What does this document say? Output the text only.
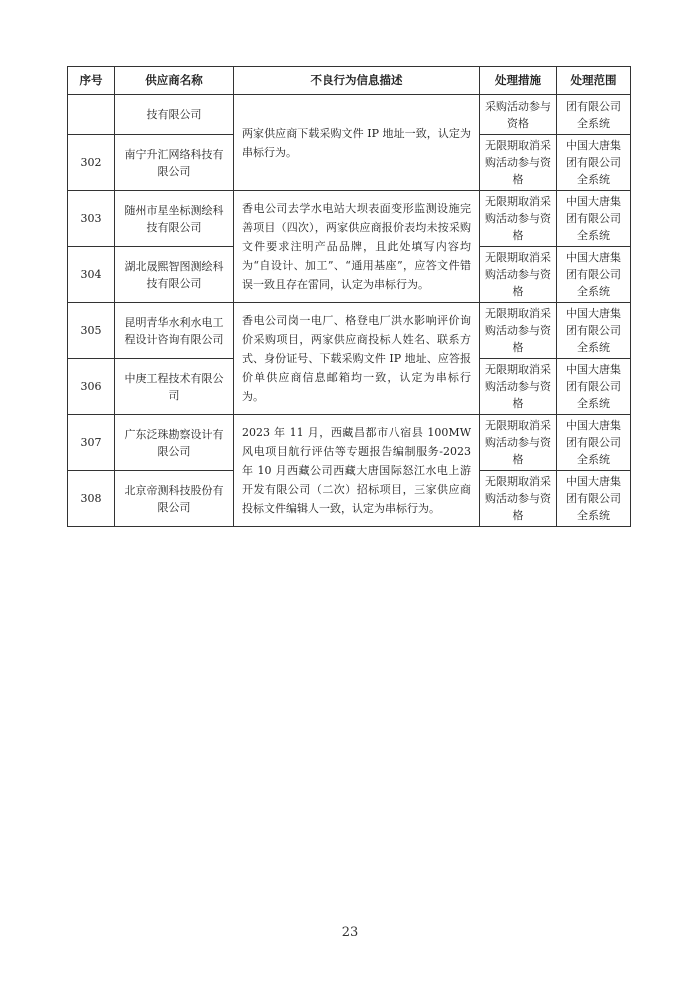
序号	供应商名称	不良行为信息描述	处理措施	处理范围
	技有限公司	两家供应商下载采购文件 IP 地址一致，认定为串标行为。	采购活动参与资格	团有限公司全系统
302	南宁升汇网络科技有限公司		无限期取消采购活动参与资格	中国大唐集团有限公司全系统
303	随州市星坐标测绘科技有限公司	香电公司去学水电站大坝表面变形监测设施完善项目（四次），两家供应商报价表均未按采购文件要求注明产品品牌，且此处填写内容均为“自设计、加工”、“通用基座”，应答文件错误一致且存在雷同，认定为串标行为。	无限期取消采购活动参与资格	中国大唐集团有限公司全系统
304	湖北晟熙智图测绘科技有限公司		无限期取消采购活动参与资格	中国大唐集团有限公司全系统
305	昆明青华水利水电工程设计咨询有限公司	香电公司岗一电厂、格登电厂洪水影响评价询价采购项目，两家供应商投标人姓名、联系方式、身份证号、下载采购文件 IP 地址、应答报价单供应商信息邮箱均一致，认定为串标行为。	无限期取消采购活动参与资格	中国大唐集团有限公司全系统
306	中庚工程技术有限公司		无限期取消采购活动参与资格	中国大唐集团有限公司全系统
307	广东泛珠勘察设计有限公司	2023 年 11 月，西藏昌都市八宿县 100MW 风电项目航行评估等专题报告编制服务-2023 年 10 月西藏公司西藏大唐国际怒江水电上游开发有限公司（二次）招标项目，三家供应商投标文件编辑人一致，认定为串标行为。	无限期取消采购活动参与资格	中国大唐集团有限公司全系统
308	北京帝测科技股份有限公司		无限期取消采购活动参与资格	中国大唐集团有限公司全系统
23
